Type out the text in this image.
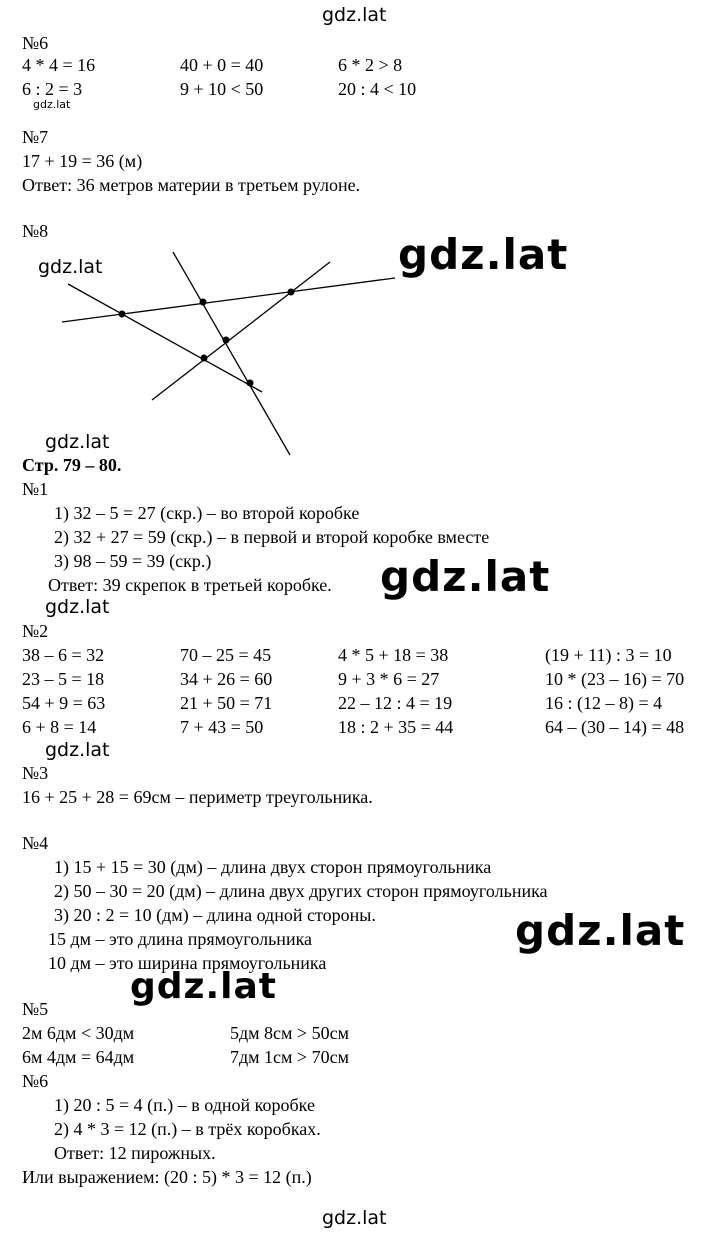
gdz.lat
gdz.lat
gdz.lat	gdz.lat
gdz.lat
gdz.lat
gdz.lat
gdz.lat
gdz.lat
gdz.lat
gdz.lat
№6
4 * 4 = 16	40 + 0 = 40	6 * 2 > 8
6 : 2 = 3	9 + 10 < 50	20 : 4 < 10
№7
17 + 19 = 36 (м)
Ответ: 36 метров материи в третьем рулоне.
№8
Стр. 79 – 80.
№1
1) 32 – 5 = 27 (скр.) – во второй коробке
2) 32 + 27 = 59 (скр.) – в первой и второй коробке вместе
3) 98 – 59 = 39 (скр.)
Ответ: 39 скрепок в третьей коробке.
№2
38 – 6 = 32	70 – 25 = 45	4 * 5 + 18 = 38	(19 + 11) : 3 = 10
23 – 5 = 18	34 + 26 = 60	9 + 3 * 6 = 27	10 * (23 – 16) = 70
54 + 9 = 63	21 + 50 = 71	22 – 12 : 4 = 19	16 : (12 – 8) = 4
6 + 8 = 14	7 + 43 = 50	18 : 2 + 35 = 44	64 – (30 – 14) = 48
№3
16 + 25 + 28 = 69см – периметр треугольника.
№4
1) 15 + 15 = 30 (дм) – длина двух сторон прямоугольника
2) 50 – 30 = 20 (дм) – длина двух других сторон прямоугольника
3) 20 : 2 = 10 (дм) – длина одной стороны.
15 дм – это длина прямоугольника
10 дм – это ширина прямоугольника
№5
2м 6дм < 30дм	5дм 8см > 50см
6м 4дм = 64дм	7дм 1см > 70см
№6
1) 20 : 5 = 4 (п.) – в одной коробке
2) 4 * 3 = 12 (п.) – в трёх коробках.
Ответ: 12 пирожных.
Или выражением: (20 : 5) * 3 = 12 (п.)
